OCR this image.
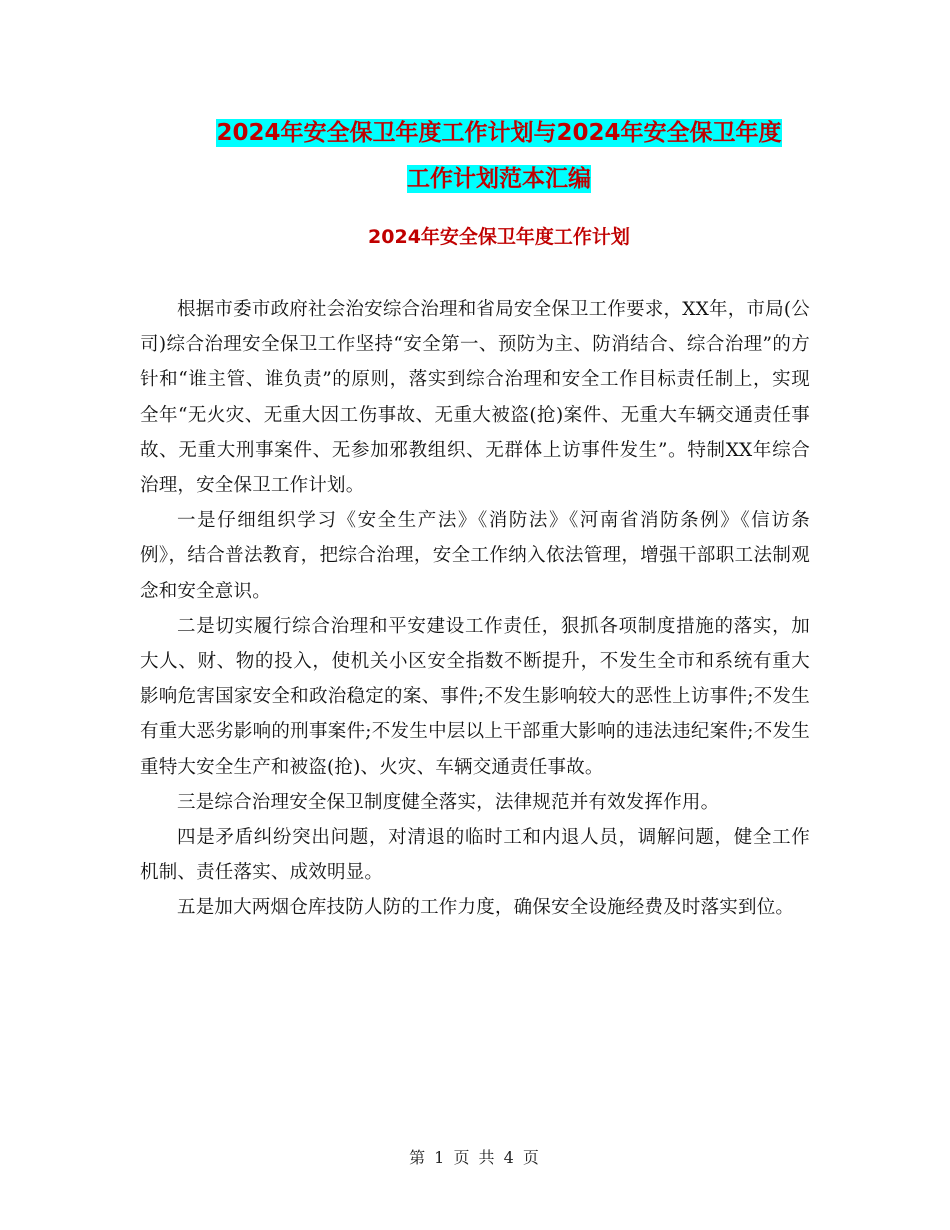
2024年安全保卫年度工作计划与2024年安全保卫年度
工作计划范本汇编
2024年安全保卫年度工作计划

根据市委市政府社会治安综合治理和省局安全保卫工作要求，XX年，市局(公司)综合治理安全保卫工作坚持“安全第一、预防为主、防消结合、综合治理”的方针和“谁主管、谁负责”的原则，落实到综合治理和安全工作目标责任制上，实现全年“无火灾、无重大因工伤事故、无重大被盗(抢)案件、无重大车辆交通责任事故、无重大刑事案件、无参加邪教组织、无群体上访事件发生”。特制XX年综合治理，安全保卫工作计划。

一是仔细组织学习《安全生产法》《消防法》《河南省消防条例》《信访条例》，结合普法教育，把综合治理，安全工作纳入依法管理，增强干部职工法制观念和安全意识。

二是切实履行综合治理和平安建设工作责任，狠抓各项制度措施的落实，加大人、财、物的投入，使机关小区安全指数不断提升，不发生全市和系统有重大影响危害国家安全和政治稳定的案、事件;不发生影响较大的恶性上访事件;不发生有重大恶劣影响的刑事案件;不发生中层以上干部重大影响的违法违纪案件;不发生重特大安全生产和被盗(抢)、火灾、车辆交通责任事故。

三是综合治理安全保卫制度健全落实，法律规范并有效发挥作用。

四是矛盾纠纷突出问题，对清退的临时工和内退人员，调解问题，健全工作机制、责任落实、成效明显。

五是加大两烟仓库技防人防的工作力度，确保安全设施经费及时落实到位。

第 1 页 共 4 页
